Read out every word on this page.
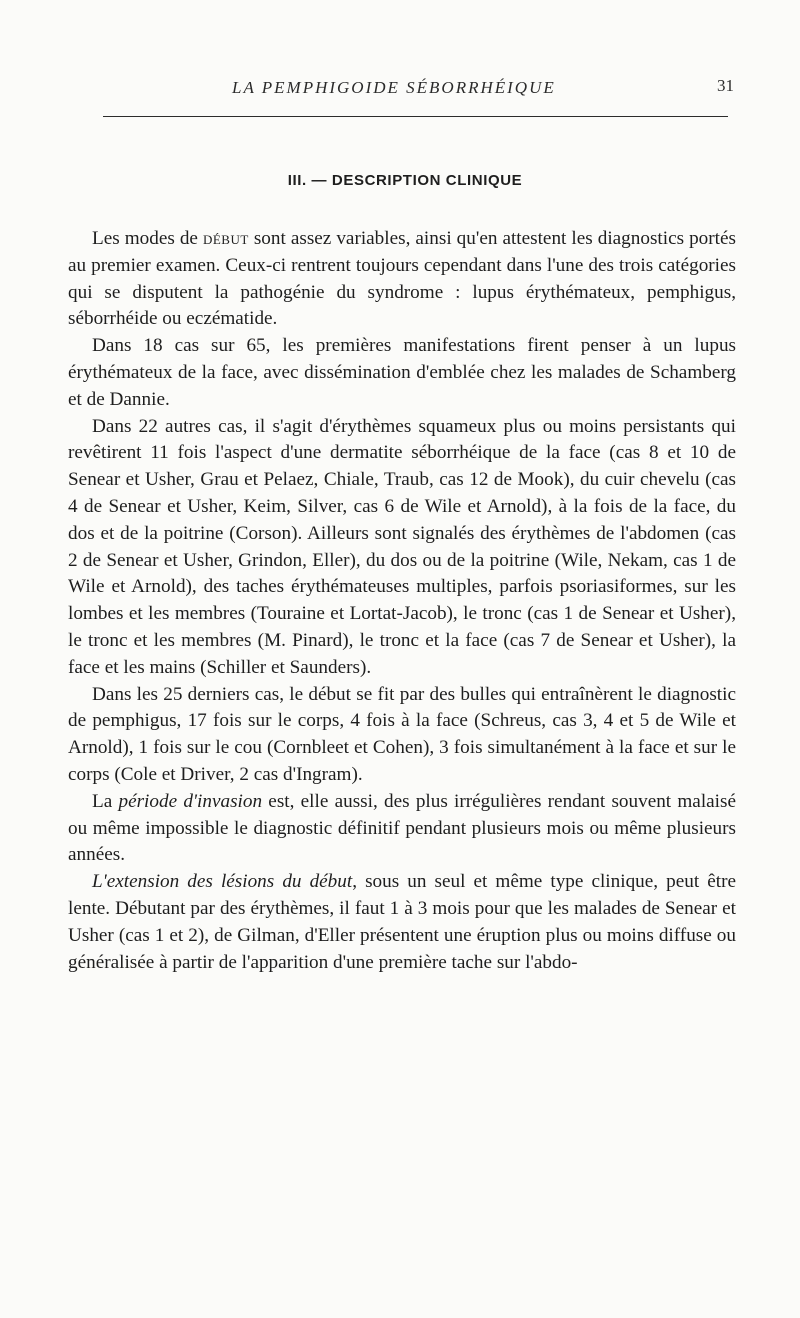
LA PEMPHIGOIDE SÉBORRHÉIQUE	31
III. — DESCRIPTION CLINIQUE

Les modes de début sont assez variables, ainsi qu'en attestent les diagnostics portés au premier examen. Ceux-ci rentrent toujours cependant dans l'une des trois catégories qui se disputent la pathogénie du syndrome : lupus érythémateux, pemphigus, séborrhéide ou eczématide.

Dans 18 cas sur 65, les premières manifestations firent penser à un lupus érythémateux de la face, avec dissémination d'emblée chez les malades de Schamberg et de Dannie.

Dans 22 autres cas, il s'agit d'érythèmes squameux plus ou moins persistants qui revêtirent 11 fois l'aspect d'une dermatite séborrhéique de la face (cas 8 et 10 de Senear et Usher, Grau et Pelaez, Chiale, Traub, cas 12 de Mook), du cuir chevelu (cas 4 de Senear et Usher, Keim, Silver, cas 6 de Wile et Arnold), à la fois de la face, du dos et de la poitrine (Corson). Ailleurs sont signalés des érythèmes de l'abdomen (cas 2 de Senear et Usher, Grindon, Eller), du dos ou de la poitrine (Wile, Nekam, cas 1 de Wile et Arnold), des taches érythémateuses multiples, parfois psoriasiformes, sur les lombes et les membres (Touraine et Lortat-Jacob), le tronc (cas 1 de Senear et Usher), le tronc et les membres (M. Pinard), le tronc et la face (cas 7 de Senear et Usher), la face et les mains (Schiller et Saunders).

Dans les 25 derniers cas, le début se fit par des bulles qui entraînèrent le diagnostic de pemphigus, 17 fois sur le corps, 4 fois à la face (Schreus, cas 3, 4 et 5 de Wile et Arnold), 1 fois sur le cou (Cornbleet et Cohen), 3 fois simultanément à la face et sur le corps (Cole et Driver, 2 cas d'Ingram).

La période d'invasion est, elle aussi, des plus irrégulières rendant souvent malaisé ou même impossible le diagnostic définitif pendant plusieurs mois ou même plusieurs années.

L'extension des lésions du début, sous un seul et même type clinique, peut être lente. Débutant par des érythèmes, il faut 1 à 3 mois pour que les malades de Senear et Usher (cas 1 et 2), de Gilman, d'Eller présentent une éruption plus ou moins diffuse ou généralisée à partir de l'apparition d'une première tache sur l'abdo-
